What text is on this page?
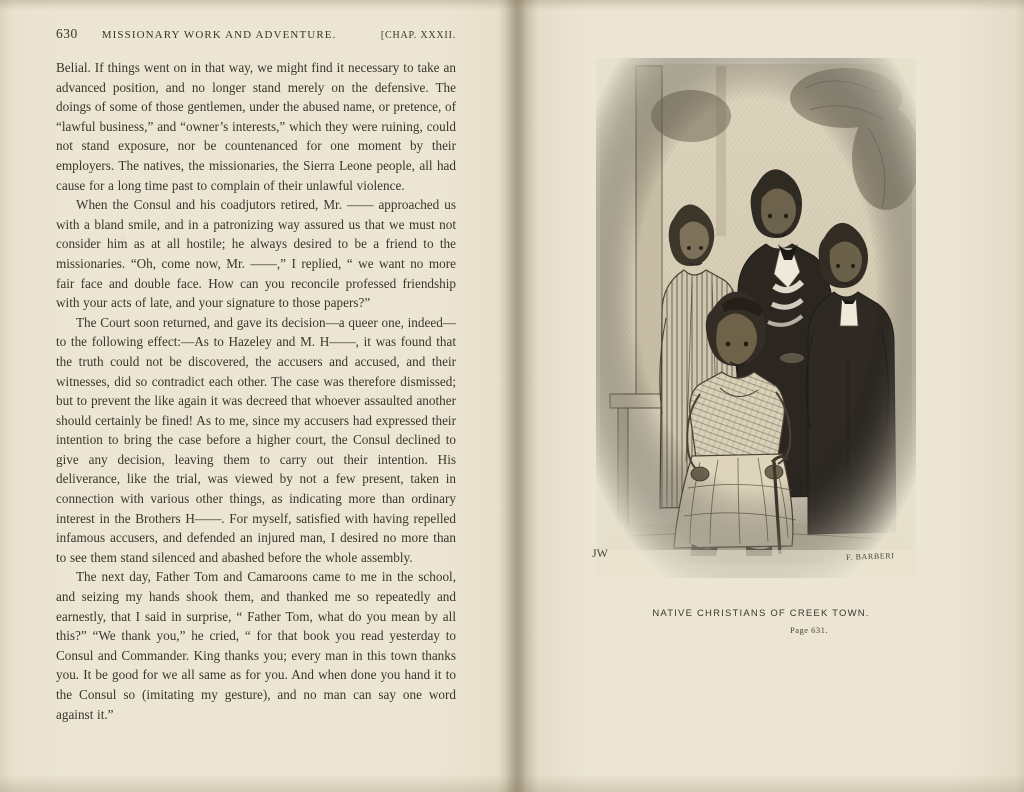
630 MISSIONARY WORK AND ADVENTURE.	[CHAP. XXXII.

Belial. If things went on in that way, we might find it necessary to take an advanced position, and no longer stand merely on the defensive. The doings of some of those gentlemen, under the abused name, or pretence, of “lawful business,” and “owner’s interests,” which they were ruining, could not stand exposure, nor be countenanced for one moment by their employers. The natives, the missionaries, the Sierra Leone people, all had cause for a long time past to complain of their unlawful violence.

When the Consul and his coadjutors retired, Mr. —— approached us with a bland smile, and in a patronizing way assured us that we must not consider him as at all hostile; he always desired to be a friend to the missionaries. “Oh, come now, Mr. ——,” I replied, “ we want no more fair face and double face. How can you reconcile professed friendship with your acts of late, and your signature to those papers?”

The Court soon returned, and gave its decision—a queer one, indeed—to the following effect:—As to Hazeley and M. H——, it was found that the truth could not be discovered, the accusers and accused, and their witnesses, did so contradict each other. The case was therefore dismissed; but to prevent the like again it was decreed that whoever assaulted another should certainly be fined! As to me, since my accusers had expressed their intention to bring the case before a higher court, the Consul declined to give any decision, leaving them to carry out their intention. His deliverance, like the trial, was viewed by not a few present, taken in connection with various other things, as indicating more than ordinary interest in the Brothers H——. For myself, satisfied with having repelled infamous accusers, and defended an injured man, I desired no more than to see them stand silenced and abashed before the whole assembly.

The next day, Father Tom and Camaroons came to me in the school, and seizing my hands shook them, and thanked me so repeatedly and earnestly, that I said in surprise, “ Father Tom, what do you mean by all this?” “We thank you,” he cried, “ for that book you read yesterday to Consul and Commander. King thanks you; every man in this town thanks you. It be good for we all same as for you. And when done you hand it to the Consul so (imitating my gesture), and no man can say one word against it.”

JW	F. BARBERI
NATIVE CHRISTIANS OF CREEK TOWN.
Page 631.
